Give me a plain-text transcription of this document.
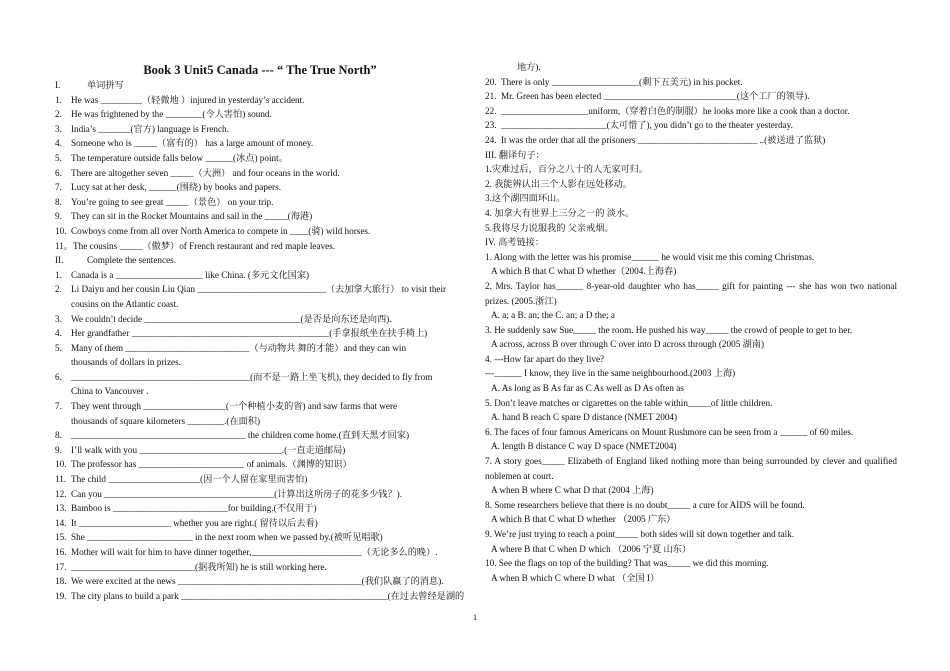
Book 3 Unit5 Canada --- “ The True North”
I.	单词拼写
1. He was _________（轻微地 ）injured in yesterday’s accident.
2. He was frightened by the ________(令人害怕) sound.
3. India’s _______(官方) language is French.
4. Someone who is _____（富有的） has a large amount of money.
5. The temperature outside falls below ______(冰点) point。
6. There are altogether seven _____（大洲） and four oceans in the world.
7. Lucy sat at her desk, ______(围绕) by books and papers.
8. You’re going to see great _____（景色） on your trip.
9. They can sit in the Rocket Mountains and sail in the _____(海港)
10. Cowboys come from all over North America to compete in ____(骑) wild horses.
11。 The cousins _____（傲梦）of French restaurant and red maple leaves.
II.	Complete the sentences.
1. Canada is a ___________________ like China. (多元文化国家)
2. Li Daiyu and her cousin Liu Qian ____________________________（去加拿大旅行） to visit their
cousins on the Atlantic coast.
3. We couldn’t decide __________________________________(是否是向东还是向西).
4. Her grandfather ___________________________________________(手拿报纸坐在扶手椅上)
5. Many of them ___________________________（与动物共 舞的才能）and they can win
thousands of dollars in prizes.
6. _______________________________________(而不是一路上坐飞机), they decided to fly from
China to Vancouver .
7. They went through __________________(一个种植小麦的省) and saw farms that were
thousands of square kilometers ________.(在面积)
8. ______________________________________ the children come home.(直到天黑才回家)
9. I’ll walk with you _______________________________.(一直走道邮局)
10. The professor has _______________________ of animals.（渊博的知识）
11. The child ____________________(因一个人留在家里而害怕)
12. Can you _____________________________________(计算出这所房子的花多少钱？).
13. Bamboo is _________________________for building.(不仅用于)
14. It ____________________ whether you are right.( 留待以后去看)
15. She _______________________ in the next room when we passed by.(被听见唱歌)
16. Mother will wait for him to have dinner together,________________________（无论多么的晚）.
17. ___________________________(据我所知) he is still working here.
18. We were excited at the news ________________________________________(我们队赢了的消息).
19. The city plans to build a park _____________________________________________(在过去曾经是湖的
地方).
20. There is only ___________________(剩下五美元) in his pocket.
21. Mr. Green has been elected _____________________________(这个工厂的领导).
22. ___________________uniform,（穿着白色的制服）he looks more like a cook than a doctor.
23. _______________________(太可惜了), you didn’t go to the theater yesterday.
24. It was the order that all the prisoners __________________________ ..(被送进了监狱)
III. 翻译句子：
1.灾难过后，百分之八十的人无家可归。
2. 我能辨认出三个人影在远处移动。
3.这个湖四面环山。
4. 加拿大有世界上三分之一的 淡水。
5.我将尽力说服我的 父亲戒烟。
IV. 高考链接：
1. Along with the letter was his promise______ he would visit me this coming Christmas.
A which B that C what D whether（2004.上海春)
2. Mrs. Taylor has______ 8-year-old daughter who has_____ gift for painting --- she has won two national prizes. (2005.浙江)
A. a; a B. an; the C. an; a D the; a
3. He suddenly saw Sue_____ the room. He pushed his way_____ the crowd of people to get to her.
A across, across B over through C over into D across through (2005 湖南)
4. ---How far apart do they live?
---______ I know, they live in the same neighbourhood.(2003 上海)
A. As long as B As far as C As well as D As often as
5. Don’t leave matches or cigarettes on the table within_____of little children.
A. hand B reach C spare D distance (NMET 2004)
6. The faces of four famous Americans on Mount Rushmore can be seen from a ______ of 60 miles.
A. length B distance C way D space (NMET2004)
7. A story goes_____ Elizabeth of England liked nothing more than being surrounded by clever and qualified noblemen at court.
A when B where C what D that (2004 上海)
8. Some researchers believe that there is no doubt_____ a cure for AIDS will be found.
A which B that C what D whether （2005 广东）
9. We’re just trying to reach a point_____ both sides will sit down together and talk.
A where B that C when D which （2006 宁夏 山东）
10. See the flags on top of the building? That was_____ we did this morning.
A when B which C where D what （全国 I）
1
